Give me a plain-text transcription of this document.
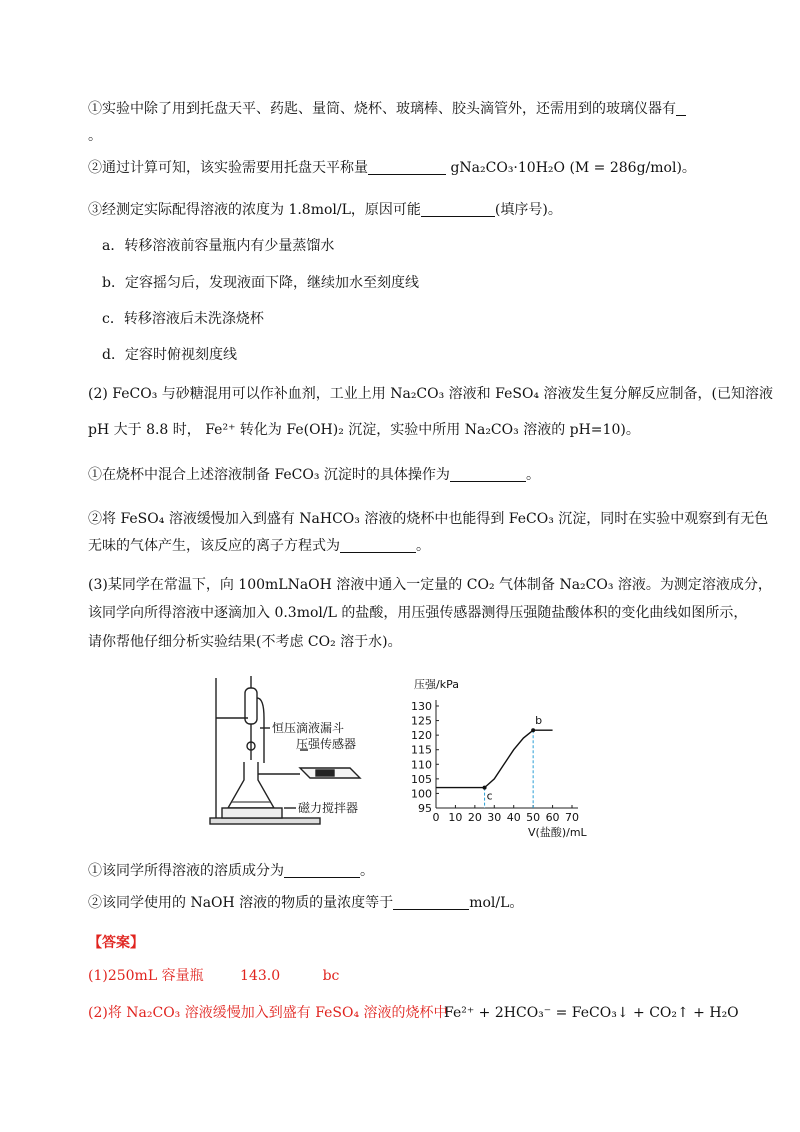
①实验中除了用到托盘天平、药匙、量筒、烧杯、玻璃棒、胶头滴管外，还需用到的玻璃仪器有
。
②通过计算可知，该实验需要用托盘天平称量	gNa₂CO₃·10H₂O (M = 286g/mol)。
③经测定实际配得溶液的浓度为 1.8mol/L，原因可能	(填序号)。
a．转移溶液前容量瓶内有少量蒸馏水
b．定容摇匀后，发现液面下降，继续加水至刻度线
c．转移溶液后未洗涤烧杯
d．定容时俯视刻度线
(2) FeCO₃ 与砂糖混用可以作补血剂，工业上用 Na₂CO₃ 溶液和 FeSO₄ 溶液发生复分解反应制备，(已知溶液
pH 大于 8.8 时， Fe²⁺ 转化为 Fe(OH)₂ 沉淀，实验中所用 Na₂CO₃ 溶液的 pH=10)。
①在烧杯中混合上述溶液制备 FeCO₃ 沉淀时的具体操作为	。
②将 FeSO₄ 溶液缓慢加入到盛有 NaHCO₃ 溶液的烧杯中也能得到 FeCO₃ 沉淀，同时在实验中观察到有无色
无味的气体产生，该反应的离子方程式为	。
(3)某同学在常温下，向 100mLNaOH 溶液中通入一定量的 CO₂ 气体制备 Na₂CO₃ 溶液。为测定溶液成分，
该同学向所得溶液中逐滴加入 0.3mol/L 的盐酸，用压强传感器测得压强随盐酸体积的变化曲线如图所示，
请你帮他仔细分析实验结果(不考虑 CO₂ 溶于水)。
恒压滴液漏斗
压强传感器
磁力搅拌器
压强/kPa
V(盐酸)/mL
0 10 20 30 40 50 60 70
95
100
105
110
115
120
125
130
c
b
①该同学所得溶液的溶质成分为	。
②该同学使用的 NaOH 溶液的物质的量浓度等于	mol/L。
【答案】
(1)250mL 容量瓶	143.0	bc
(2)将 Na₂CO₃ 溶液缓慢加入到盛有 FeSO₄ 溶液的烧杯中
Fe²⁺ + 2HCO₃⁻ = FeCO₃↓ + CO₂↑ + H₂O
